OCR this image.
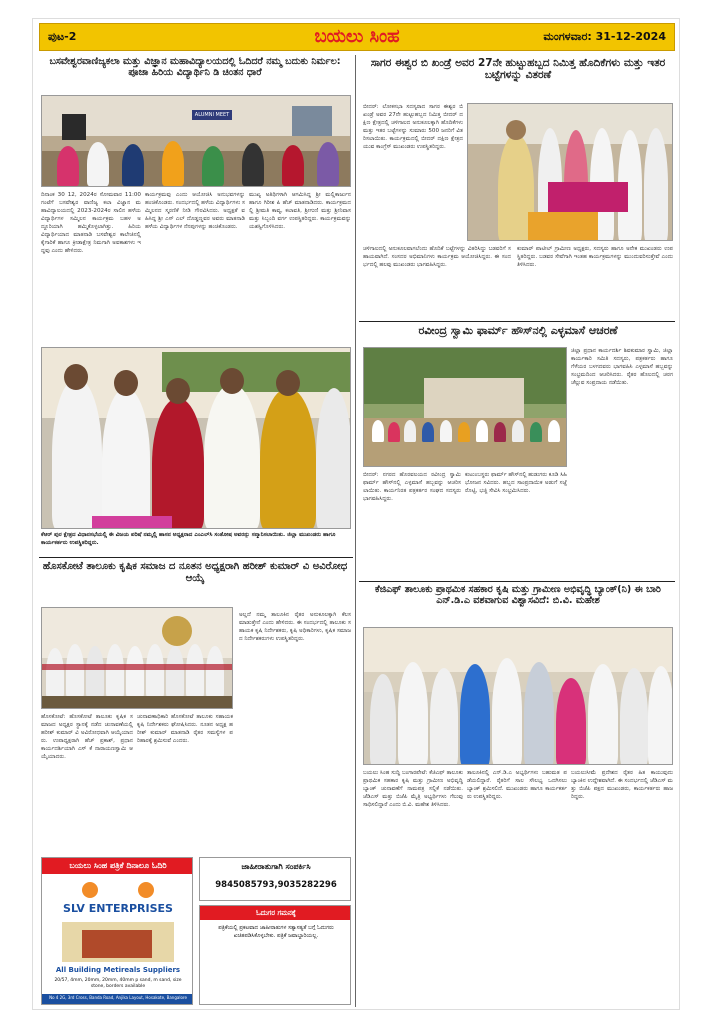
ಪುಟ-2	ಬಯಲು ಸಿಂಹ	ಮಂಗಳವಾರ: 31-12-2024
ಬಸವೇಶ್ವರವಾಣಿಜ್ಯಕಲಾ ಮತ್ತು ವಿಜ್ಞಾನ ಮಹಾವಿದ್ಯಾಲಯದಲ್ಲಿ ಓದಿದರೆ ನಮ್ಮ ಬದುಕು ನಿರ್ಮಲ: ಪೂಜಾ ಹಿರಿಯ ವಿದ್ಯಾರ್ಥಿನಿ ಡಿ ಚಿಂತನ ಧಾರೆ
ALUMNI MEET
ದಿನಾಂಕ 30 12, 2024ರ ಸೋಮವಾರ 11:00 ಗಂಟೆಗೆ ಬಸವೇಶ್ವರ ವಾಣಿಜ್ಯ ಕಲಾ ವಿಜ್ಞಾನ ಮಹಾವಿದ್ಯಾಲಯದಲ್ಲಿ 2023-2024ರ ಸಾಲಿನ ಹಳೆಯ ವಿದ್ಯಾರ್ಥಿಗಳ ಸಮ್ಮಿಲನ ಕಾರ್ಯಕ್ರಮ ಬಹಳ ಅದ್ದೂರಿಯಾಗಿ ಹಮ್ಮಿಕೊಳ್ಳಲಾಗಿತ್ತು. ಹಿರಿಯ ವಿದ್ಯಾರ್ಥಿಯಾದ ಮಾತನಾಡಿ ಬಸವೇಶ್ವರ ಕಾಲೇಜಿನಲ್ಲಿ ಕೈಗಾರಿಕೆ ಹಾಗೂ ಕ್ರೀಡಾಕ್ಷೇತ್ರ ನಿಮಗಾಗಿ ಅವಕಾಶಗಳು ಇದ್ದವು ಎಂದು ಹೇಳಿದರು.
ಕಾರ್ಯಕ್ರಮವು ಎಂದು ಆಯೋಜಿಸಿ ಅನುಭವಗಳನ್ನು ಹಂಚಿಕೊಂಡರು. ಸಂದರ್ಭದಲ್ಲಿ ಹಳೆಯ ವಿದ್ಯಾರ್ಥಿಗಳು ಸಮ್ಮಿಲನದ ಸ್ಮರಣಿಕೆ ನೀಡಿ ಗೌರವಿಸಿದರು. ಅಧ್ಯಕ್ಷತೆ ವಹಿಸಿದ್ದ ಶ್ರೀ ಎಸ್ ಎಲ್ ದೊಡ್ಡಣ್ಣವರ ಅವರು ಮಾತನಾಡಿ ಹಳೆಯ ವಿದ್ಯಾರ್ಥಿಗಳ ನೆನಪುಗಳನ್ನು ಹಂಚಿಕೊಂಡರು.
ಮುಖ್ಯ ಅತಿಥಿಗಳಾಗಿ ಆಗಮಿಸಿದ್ದ ಶ್ರೀ ಮಲ್ಲಿಕಾರ್ಜುನ ಹಾಗೂ ಗಿರೀಶ ಪಿ ಹೆಚ್ ಮಾತನಾಡಿದರು. ಕಾರ್ಯಕ್ರಮದಲ್ಲಿ ಶ್ರೀಮತಿ ಕಾವ್ಯ, ಕಲಾವತಿ, ಶ್ರೀಗುಣಿ ಮತ್ತು ಶ್ರೀನಿವಾಸ ಮತ್ತು ಸಿಬ್ಬಂದಿ ವರ್ಗ ಉಪಸ್ಥಿತರಿದ್ದರು. ಕಾರ್ಯಕ್ರಮವನ್ನು ಯಶಸ್ವಿಗೊಳಿಸಿದರು.
ಕೆಆರ್ ಪುರ ಕ್ಷೇತ್ರದ ವಿಧಾನಸಭೆಯಲ್ಲಿ ಈ ವಿಜಯ ಪರಿಷೆ ನಮ್ಮಲ್ಲಿ ಹಾಸನ ಅಧ್ಯಕ್ಷರಾದ ಎಂಎಲ್‌ಸಿ ಸಂತೋಷ ಅವರನ್ನು ಸನ್ಮಾನಿಸಲಾಯಿತು. ಜಿಲ್ಲಾ ಮುಖಂಡರು ಹಾಗೂ ಕಾರ್ಯಕರ್ತರು ಉಪಸ್ಥಿತರಿದ್ದರು.
ಹೊಸಕೋಟೆ ತಾಲೂಕು ಕೃಷಿಕ ಸಮಾಜ ದ ನೂತನ ಅಧ್ಯಕ್ಷರಾಗಿ ಹರೀಶ್ ಕುಮಾರ್ ವಿ ಅವಿರೋಧ ಆಯ್ಕೆ
ಹೊಸಕೋಟೆ: ಹೊಸಕೋಟೆ ತಾಲೂಕು ಕೃಷಿಕ ಸಮಾಜದ ಅಧ್ಯಕ್ಷರ ಸ್ಥಾನಕ್ಕೆ ನಡೆದ ಚುನಾವಣೆಯಲ್ಲಿ ಹರೀಶ್ ಕುಮಾರ್ ವಿ ಅವಿರೋಧವಾಗಿ ಆಯ್ಕೆಯಾದರು. ಉಪಾಧ್ಯಕ್ಷರಾಗಿ ಹೆಚ್ ಪ್ರಕಾಶ್, ಪ್ರಧಾನ ಕಾರ್ಯದರ್ಶಿಯಾಗಿ ಎಸ್ ಕೆ ನಾರಾಯಣಸ್ವಾಮಿ ಆಯ್ಕೆಯಾದರು.
ಚುನಾವಣಾಧಿಕಾರಿ ಹೊಸಕೋಟೆ ತಾಲೂಕು ಸಹಾಯಕ ಕೃಷಿ ನಿರ್ದೇಶಕರು ಘೋಷಿಸಿದರು. ನೂತನ ಅಧ್ಯಕ್ಷ ಹರೀಶ್ ಕುಮಾರ್ ಮಾತನಾಡಿ ರೈತರ ಸಮಸ್ಯೆಗಳ ಪರಿಹಾರಕ್ಕೆ ಶ್ರಮಿಸುವೆ ಎಂದರು.
ಅಲ್ಲದೆ ನಮ್ಮ ತಾಲೂಕಿನ ರೈತರ ಅನುಕೂಲಕ್ಕಾಗಿ ಕೆಲಸ ಮಾಡುತ್ತೇನೆ ಎಂದು ಹೇಳಿದರು. ಈ ಸಂದರ್ಭದಲ್ಲಿ ತಾಲೂಕು ಸಹಾಯಕ ಕೃಷಿ ನಿರ್ದೇಶಕರು, ಕೃಷಿ ಅಧಿಕಾರಿಗಳು, ಕೃಷಿಕ ಸಮಾಜದ ನಿರ್ದೇಶಕರುಗಳು ಉಪಸ್ಥಿತರಿದ್ದರು.
ಬಯಲು ಸಿಂಹ ಪತ್ರಿಕೆ ದಿನಾಲೂ ಓದಿರಿ
SLV ENTERPRISES
All Building Metireals Suppliers
20/57, 4mm, 20mm, 20mm, 40mm p sand, m sand, size stone, borders available
No 4 2G, 3rd Cross, Banda Road, Anjika Layout, Hosakote, Bangalore
ಜಾಹೀರಾತುಗಾಗಿ ಸಂಪರ್ಕಿಸಿ
9845085793,9035282296
ಓದುಗರ ಗಮನಕ್ಕೆ
ಪತ್ರಿಕೆಯಲ್ಲಿ ಪ್ರಕಟವಾದ ಜಾಹೀರಾತುಗಳ ಸತ್ಯಾಸತ್ಯತೆ ಬಗ್ಗೆ ಓದುಗರು ಖಚಿತಪಡಿಸಿಕೊಳ್ಳಬೇಕು. ಪತ್ರಿಕೆ ಜವಾಬ್ದಾರಿಯಲ್ಲ.
ಸಾಗರ ಈಶ್ವರ ಬಿ ಖಂಡ್ರೆ ಅವರ 27ನೇ ಹುಟ್ಟುಹಬ್ಬದ ನಿಮಿತ್ತ ಹೊದಿಕೆಗಳು ಮತ್ತು ಇತರ ಬಟ್ಟೆಗಳನ್ನು ವಿತರಣೆ
ಬೀದರ್: ಲೋಕಸಭಾ ಸದಸ್ಯರಾದ ಸಾಗರ ಈಶ್ವರ ಬಿ ಖಂಡ್ರೆ ಅವರ 27ನೇ ಹುಟ್ಟುಹಬ್ಬದ ನಿಮಿತ್ತ ಬೀದರ್ ದಕ್ಷಿಣ ಕ್ಷೇತ್ರದಲ್ಲಿ ಚಳಿಗಾಲದ ಅನುಕೂಲಕ್ಕಾಗಿ ಹೊದಿಕೆಗಳು ಮತ್ತು ಇತರ ಬಟ್ಟೆಗಳನ್ನು ಸುಮಾರು 500 ಜನರಿಗೆ ವಿತರಿಸಲಾಯಿತು. ಕಾರ್ಯಕ್ರಮದಲ್ಲಿ ಬೀದರ್ ದಕ್ಷಿಣ ಕ್ಷೇತ್ರದ ಯುವ ಕಾಂಗ್ರೆಸ್ ಮುಖಂಡರು ಉಪಸ್ಥಿತರಿದ್ದರು.
ಚಳಿಗಾಲದಲ್ಲಿ ಅನುಕೂಲವಾಗಲೆಂದು ಹೊದಿಕೆ ಬಟ್ಟೆಗಳನ್ನು ವಿತರಿಸಿದ್ದು ಬಡವರಿಗೆ ಸಹಾಯವಾಗಿದೆ. ಸಂಸದರ ಅಭಿಮಾನಿಗಳು ಕಾರ್ಯಕ್ರಮ ಆಯೋಜಿಸಿದ್ದರು. ಈ ಸಂದರ್ಭದಲ್ಲಿ ಹಲವು ಮುಖಂಡರು ಭಾಗವಹಿಸಿದ್ದರು.
ಕುಮಾರ್ ಪಾಟೀಲ್ ಗ್ರಾಮೀಣ ಅಧ್ಯಕ್ಷರು, ಸದಸ್ಯರು ಹಾಗೂ ಅನೇಕ ಮುಖಂಡರು ಉಪಸ್ಥಿತರಿದ್ದರು. ಬಡವರ ಸೇವೆಗಾಗಿ ಇಂತಹ ಕಾರ್ಯಕ್ರಮಗಳನ್ನು ಮುಂದುವರಿಸುತ್ತೇವೆ ಎಂದು ತಿಳಿಸಿದರು.
ರವೀಂದ್ರ ಸ್ವಾಮಿ ಫಾರ್ಮ್ ಹೌಸ್‌ನಲ್ಲಿ ಎಳ್ಳಮಾಸೆ ಆಚರಣೆ
ಜಿಲ್ಲಾ ಪ್ರಧಾನ ಕಾರ್ಯದರ್ಶಿ ಶಿವಕುಮಾರ ಸ್ವಾಮಿ, ಜಿಲ್ಲಾ ಕಾರ್ಯಕಾರಿ ಸಮಿತಿ ಸದಸ್ಯರು, ಪತ್ರಕರ್ತರು ಹಾಗೂ ಗೆಳೆಯರ ಬಳಗದವರು ಭಾಗವಹಿಸಿ ಎಳ್ಳಮಾಸೆ ಹಬ್ಬವನ್ನು ಸಂಭ್ರಮದಿಂದ ಆಚರಿಸಿದರು. ರೈತರ ಹೊಲದಲ್ಲಿ ಚರಗ ಚೆಲ್ಲುವ ಸಂಪ್ರದಾಯ ನಡೆಯಿತು.
ಬೀದರ್: ನಗರದ ಹೊರವಲಯದ ರವೀಂದ್ರ ಸ್ವಾಮಿ ಫಾರ್ಮ್ ಹೌಸ್‌ನಲ್ಲಿ ಎಳ್ಳಮಾಸೆ ಹಬ್ಬವನ್ನು ಆಚರಿಸಲಾಯಿತು. ಕಾರ್ಯನಿರತ ಪತ್ರಕರ್ತರ ಸಂಘದ ಸದಸ್ಯರು ಭಾಗವಹಿಸಿದ್ದರು.
ಕುಟುಂಬಸ್ಥರು ಫಾರ್ಮ್ ಹೌಸ್‌ನಲ್ಲಿ ಹುಡುಗರು ಕೂಡಿ ಸಿಹಿ ಭೋಜನ ಸವಿದರು. ಹಬ್ಬದ ಸಾಂಪ್ರದಾಯಿಕ ಅಡುಗೆ ಸಜ್ಜೆ ರೊಟ್ಟಿ, ಭಜ್ಜಿ ಸೇವಿಸಿ ಸಂಭ್ರಮಿಸಿದರು.
ಕೆಜಿಎಫ್ ತಾಲೂಕು ಪ್ರಾಥಮಿಕ ಸಹಕಾರ ಕೃಷಿ ಮತ್ತು ಗ್ರಾಮೀಣ ಅಭಿವೃದ್ಧಿ ಬ್ಯಾಂಕ್(ನಿ) ಈ ಬಾರಿ ಎನ್.ಡಿ.ಎ ವಶವಾಗುವ ವಿಶ್ವಾಸವಿದೆ: ಬಿ.ವಿ. ಮಹೇಶ
ಬಯಲು ಸಿಂಹ ಸುದ್ದಿ ಬಂಗಾರಪೇಟೆ: ಕೆಜಿಎಫ್ ತಾಲೂಕು ಪ್ರಾಥಮಿಕ ಸಹಕಾರ ಕೃಷಿ ಮತ್ತು ಗ್ರಾಮೀಣ ಅಭಿವೃದ್ಧಿ ಬ್ಯಾಂಕ್ ಚುನಾವಣೆಗೆ ನಾಮಪತ್ರ ಸಲ್ಲಿಕೆ ನಡೆಯಿತು. ಜೆಡಿಎಸ್ ಮತ್ತು ಬಿಜೆಪಿ ಮೈತ್ರಿ ಅಭ್ಯರ್ಥಿಗಳು ಗೆಲುವು ಸಾಧಿಸಲಿದ್ದಾರೆ ಎಂದು ಬಿ.ವಿ. ಮಹೇಶ ತಿಳಿಸಿದರು.
ತಾಲೂಕಿನಲ್ಲಿ ಎನ್.ಡಿ.ಎ ಅಭ್ಯರ್ಥಿಗಳು ಬಹುಮತ ಪಡೆಯಲಿದ್ದಾರೆ. ರೈತರಿಗೆ ಸಾಲ ಸೌಲಭ್ಯ ಒದಗಿಸಲು ಬ್ಯಾಂಕ್ ಶ್ರಮಿಸಲಿದೆ. ಮುಖಂಡರು ಹಾಗೂ ಕಾರ್ಯಕರ್ತರು ಉಪಸ್ಥಿತರಿದ್ದರು.
ಬಯಲುಸೀಮೆ ಪ್ರದೇಶದ ರೈತರ ಹಿತ ಕಾಯುವುದು ಬ್ಯಾಂಕಿನ ಉದ್ದೇಶವಾಗಿದೆ. ಈ ಸಂದರ್ಭದಲ್ಲಿ ಜೆಡಿಎಸ್ ಮತ್ತು ಬಿಜೆಪಿ ಪಕ್ಷದ ಮುಖಂಡರು, ಕಾರ್ಯಕರ್ತರು ಹಾಜರಿದ್ದರು.
